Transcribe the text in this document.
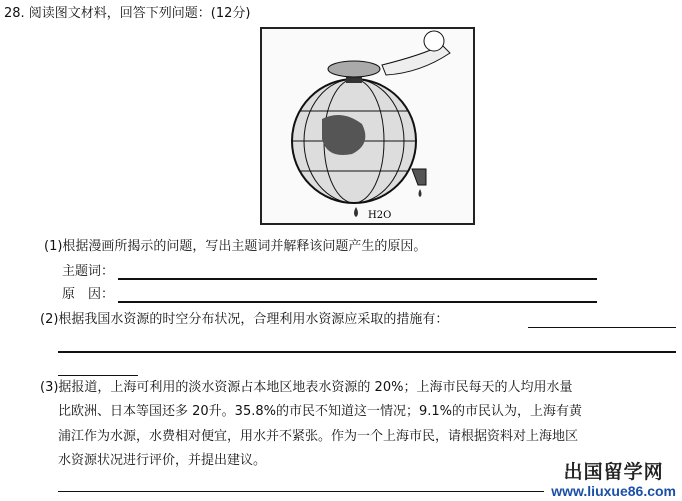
28. 阅读图文材料，回答下列问题：(12分)
H2O
(1)根据漫画所揭示的问题，写出主题词并解释该问题产生的原因。
主题词：
原　因：
(2)根据我国水资源的时空分布状况，合理利用水资源应采取的措施有：
(3)据报道，上海可利用的淡水资源占本地区地表水资源的 20%；上海市民每天的人均用水量
比欧洲、日本等国还多 20升。35.8%的市民不知道这一情况；9.1%的市民认为，上海有黄
浦江作为水源，水费相对便宜，用水并不紧张。作为一个上海市民，请根据资料对上海地区
水资源状况进行评价，并提出建议。
出国留学网
www.liuxue86.com
